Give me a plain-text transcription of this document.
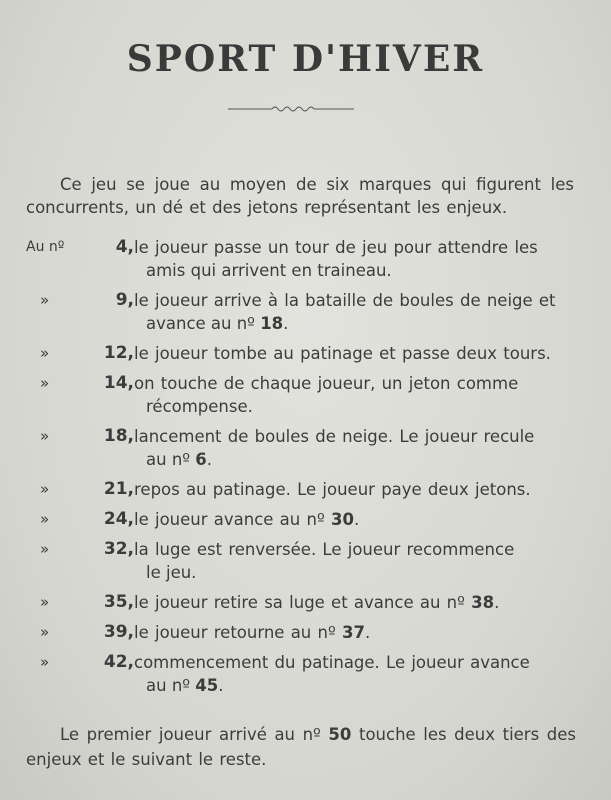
SPORT D'HIVER
Ce jeu se joue au moyen de six marques qui figurent les concurrents, un dé et des jetons représentant les enjeux.
Au nº	4, le joueur passe un tour de jeu pour attendre les
amis qui arrivent en traineau.
»	9, le joueur arrive à la bataille de boules de neige et
avance au nº 18.
»	12, le joueur tombe au patinage et passe deux tours.
»	14, on touche de chaque joueur, un jeton comme
récompense.
»	18, lancement de boules de neige. Le joueur recule
au nº 6.
»	21, repos au patinage. Le joueur paye deux jetons.
»	24, le joueur avance au nº 30.
»	32, la luge est renversée. Le joueur recommence
le jeu.
»	35, le joueur retire sa luge et avance au nº 38.
»	39, le joueur retourne au nº 37.
»	42, commencement du patinage. Le joueur avance
au nº 45.
Le premier joueur arrivé au nº 50 touche les deux tiers des enjeux et le suivant le reste.
